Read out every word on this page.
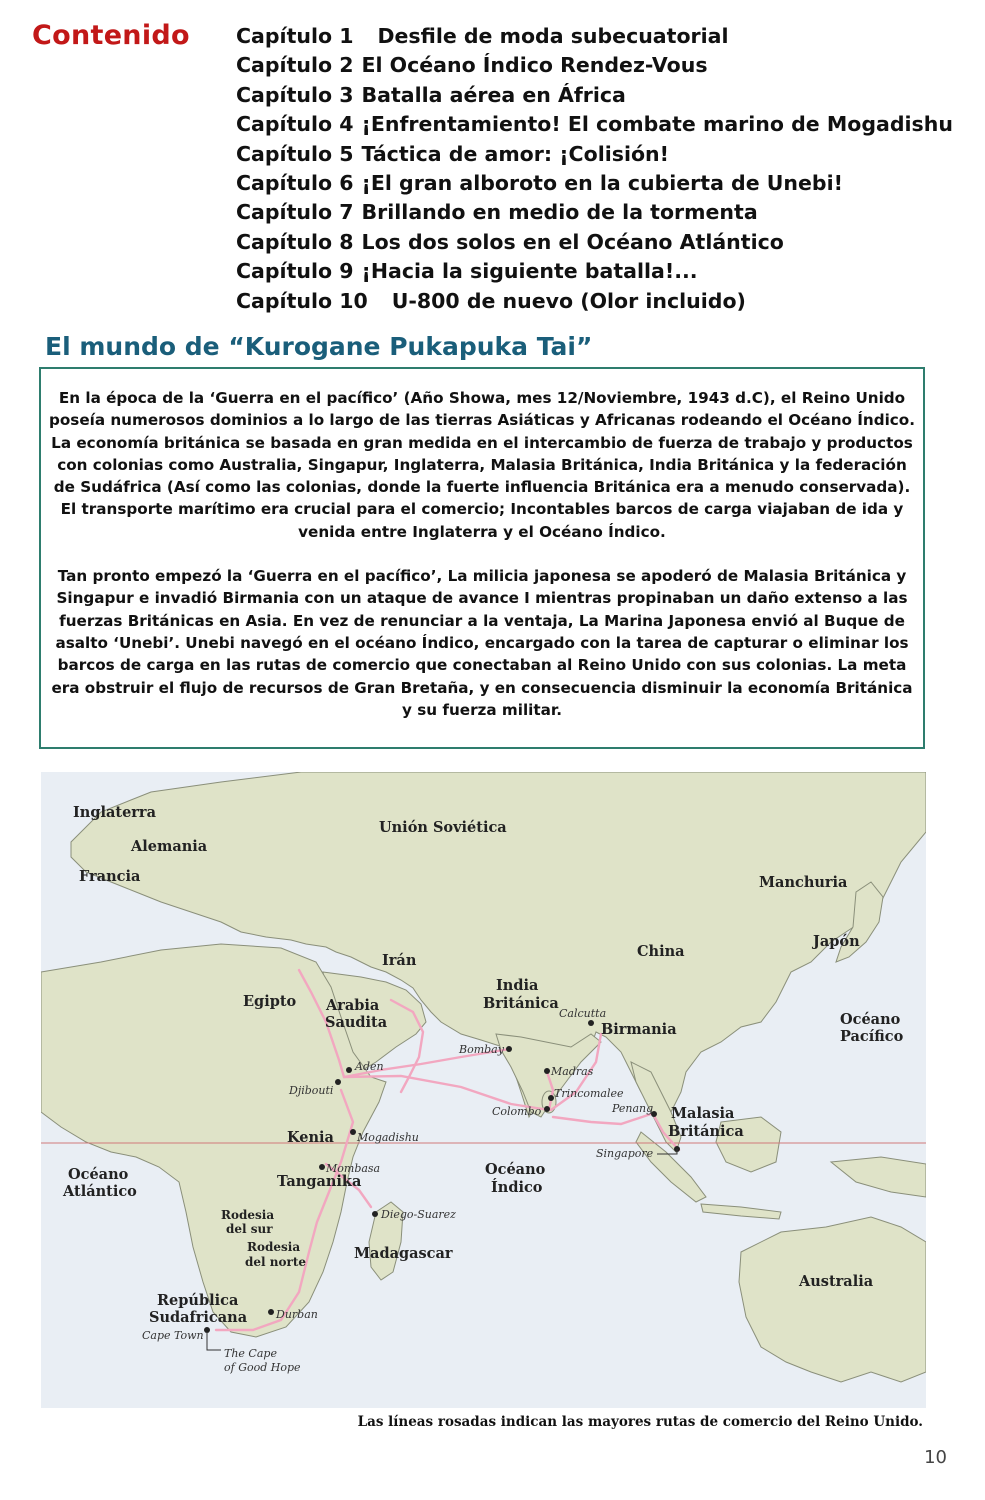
Contenido Capítulo 1 Desfile de moda subecuatorial
Capítulo 2 El Océano Índico Rendez-Vous
Capítulo 3 Batalla aérea en África
Capítulo 4 ¡Enfrentamiento! El combate marino de Mogadishu
Capítulo 5 Táctica de amor: ¡Colisión!
Capítulo 6 ¡El gran alboroto en la cubierta de Unebi!
Capítulo 7 Brillando en medio de la tormenta
Capítulo 8 Los dos solos en el Océano Atlántico
Capítulo 9 ¡Hacia la siguiente batalla!...
Capítulo 10 U-800 de nuevo (Olor incluido)
El mundo de “Kurogane Pukapuka Tai”

En la época de la ‘Guerra en el pacífico’ (Año Showa, mes 12/Noviembre, 1943 d.C), el Reino Unido poseía numerosos dominios a lo largo de las tierras Asiáticas y Africanas rodeando el Océano Índico. La economía británica se basada en gran medida en el intercambio de fuerza de trabajo y productos con colonias como Australia, Singapur, Inglaterra, Malasia Británica, India Británica y la federación de Sudáfrica (Así como las colonias, donde la fuerte influencia Británica era a menudo conservada). El transporte marítimo era crucial para el comercio; Incontables barcos de carga viajaban de ida y venida entre Inglaterra y el Océano Índico.

Tan pronto empezó la ‘Guerra en el pacífico’, La milicia japonesa se apoderó de Malasia Británica y Singapur e invadió Birmania con un ataque de avance I mientras propinaban un daño extenso a las fuerzas Británicas en Asia. En vez de renunciar a la ventaja, La Marina Japonesa envió al Buque de asalto ‘Unebi’. Unebi navegó en el océano Índico, encargado con la tarea de capturar o eliminar los barcos de carga en las rutas de comercio que conectaban al Reino Unido con sus colonias. La meta era obstruir el flujo de recursos de Gran Bretaña, y en consecuencia disminuir la economía Británica y su fuerza militar.

Inglaterra
Alemania
Francia
Unión Soviética
Manchuria
Japón
China
Irán
Egipto Arabia
Saudita
India
Británica
Birmania
Océano
Pacífico
Malasia
Británica
Kenia
Tanganika
Océano
Atlántico
Océano
Índico
Rodesia
del sur
Rodesia
del norte	Madagascar
Australia
República
Sudafricana
Calcutta
Bombay
Aden
Djibouti
Madras
Trincomalee
Colombo	Penang
Singapore
Mogadishu
Mombasa
Diego-Suarez
Durban
Cape Town
The Cape
of Good Hope
Las líneas rosadas indican las mayores rutas de comercio del Reino Unido.
10
